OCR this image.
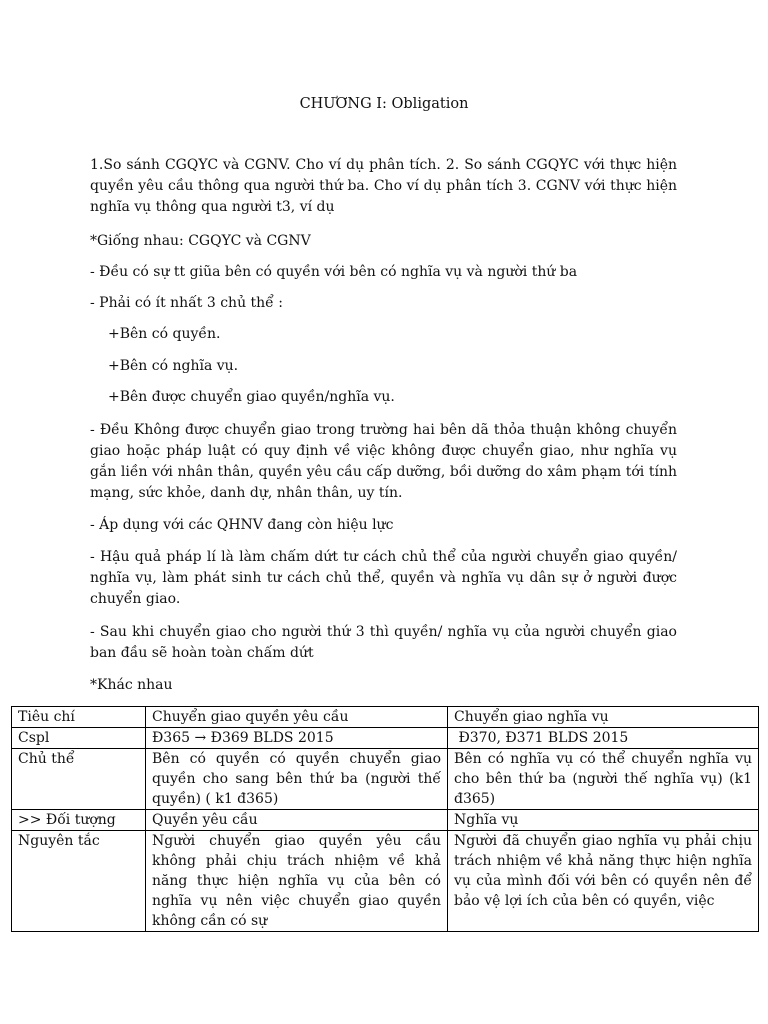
CHƯƠNG I: Obligation

1.So sánh CGQYC và CGNV. Cho ví dụ phân tích. 2. So sánh CGQYC với thực hiện quyền yêu cầu thông qua người thứ ba. Cho ví dụ phân tích 3. CGNV với thực hiện nghĩa vụ thông qua người t3, ví dụ

*Giống nhau: CGQYC và CGNV

- Đều có sự tt giũa bên có quyền với bên có nghĩa vụ và người thứ ba

- Phải có ít nhất 3 chủ thể :

+Bên có quyền.

+Bên có nghĩa vụ.

+Bên được chuyển giao quyền/nghĩa vụ.

- Đều Không được chuyển giao trong trường hai bên dã thỏa thuận không chuyển giao hoặc pháp luật có quy định về việc không được chuyển giao, như nghĩa vụ gắn liền với nhân thân, quyền yêu cầu cấp dưỡng, bồi dưỡng do xâm phạm tới tính mạng, sức khỏe, danh dự, nhân thân, uy tín.

- Áp dụng với các QHNV đang còn hiệu lực

- Hậu quả pháp lí là làm chấm dứt tư cách chủ thể của người chuyển giao quyền/ nghĩa vụ, làm phát sinh tư cách chủ thể, quyền và nghĩa vụ dân sự ở người được chuyển giao.

- Sau khi chuyển giao cho người thứ 3 thì quyền/ nghĩa vụ của người chuyển giao ban đầu sẽ hoàn toàn chấm dứt

*Khác nhau

Tiêu chí	Chuyển giao quyền yêu cầu	Chuyển giao nghĩa vụ
Cspl	Đ365 → Đ369 BLDS 2015	Đ370, Đ371 BLDS 2015
Chủ thể	Bên có quyền có quyền chuyển giao quyền cho sang bên thứ ba (người thế quyền) ( k1 đ365)	Bên có nghĩa vụ có thể chuyển nghĩa vụ cho bên thứ ba (người thế nghĩa vụ) (k1 đ365)
>> Đối tượng	Quyền yêu cầu	Nghĩa vụ
Nguyên tắc	Người chuyển giao quyền yêu cầu không phải chịu trách nhiệm về khả năng thực hiện nghĩa vụ của bên có nghĩa vụ nên việc chuyển giao quyền không cần có sự	Người đã chuyển giao nghĩa vụ phải chịu trách nhiệm về khả năng thực hiện nghĩa vụ của mình đối với bên có quyền nên để bảo vệ lợi ích của bên có quyền, việc
